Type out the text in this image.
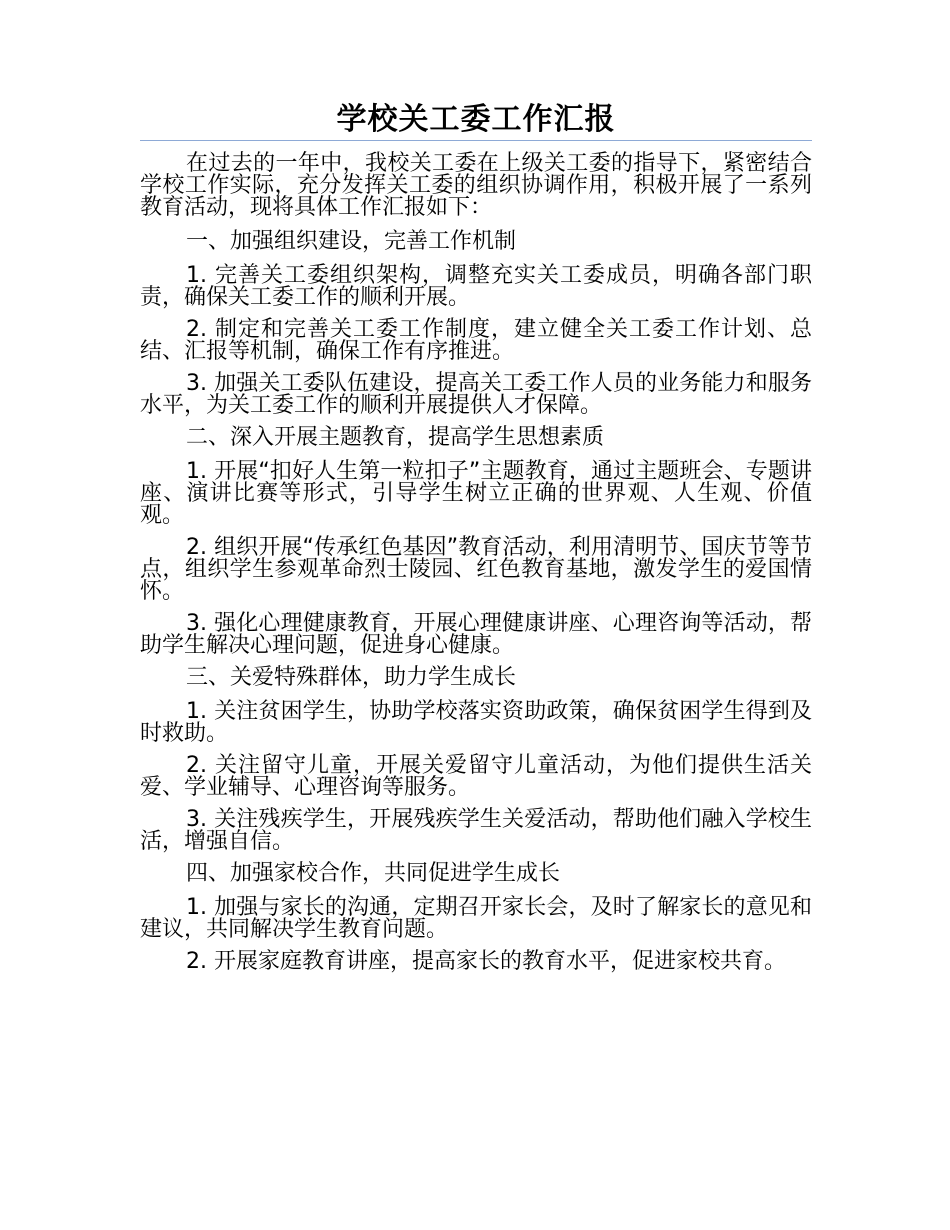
学校关工委工作汇报

在过去的一年中，我校关工委在上级关工委的指导下，紧密结合学校工作实际，充分发挥关工委的组织协调作用，积极开展了一系列教育活动，现将具体工作汇报如下：

一、加强组织建设，完善工作机制

1. 完善关工委组织架构，调整充实关工委成员，明确各部门职责，确保关工委工作的顺利开展。

2. 制定和完善关工委工作制度，建立健全关工委工作计划、总结、汇报等机制，确保工作有序推进。

3. 加强关工委队伍建设，提高关工委工作人员的业务能力和服务水平，为关工委工作的顺利开展提供人才保障。

二、深入开展主题教育，提高学生思想素质

1. 开展“扣好人生第一粒扣子”主题教育，通过主题班会、专题讲座、演讲比赛等形式，引导学生树立正确的世界观、人生观、价值观。

2. 组织开展“传承红色基因”教育活动，利用清明节、国庆节等节点，组织学生参观革命烈士陵园、红色教育基地，激发学生的爱国情怀。

3. 强化心理健康教育，开展心理健康讲座、心理咨询等活动，帮助学生解决心理问题，促进身心健康。

三、关爱特殊群体，助力学生成长

1. 关注贫困学生，协助学校落实资助政策，确保贫困学生得到及时救助。

2. 关注留守儿童，开展关爱留守儿童活动，为他们提供生活关爱、学业辅导、心理咨询等服务。

3. 关注残疾学生，开展残疾学生关爱活动，帮助他们融入学校生活，增强自信。

四、加强家校合作，共同促进学生成长

1. 加强与家长的沟通，定期召开家长会，及时了解家长的意见和建议，共同解决学生教育问题。

2. 开展家庭教育讲座，提高家长的教育水平，促进家校共育。
